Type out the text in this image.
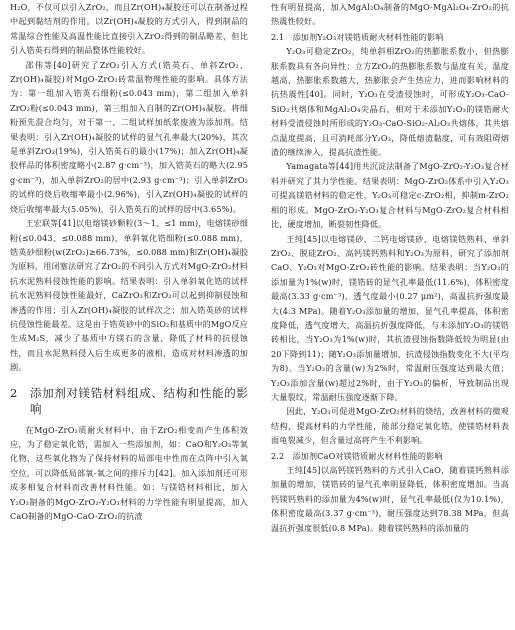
H₂O，不仅可以引入ZrO₂，而且Zr(OH)₄凝胶还可以在制备过程中起到黏结剂的作用。以Zr(OH)₄凝胶的方式引入，得到制品的常温综合性能及高温性能比直接引入ZrO₂得到的制品略差，但比引入锆英石得到的制品整体性能较好。

邵伟等[40]研究了ZrO₂引入方式(锆英石、单斜ZrO₂、Zr(OH)₄凝胶)对MgO-ZrO₂砖常温物理性能的影响。具体方法为：第一组加入锆英石细粉(≤0.043 mm)，第二组加入单斜ZrO₂粉(≤0.043 mm)，第三组加入自制的Zr(OH)₄凝胶。将细粉预先混合均匀，对于第一、二组试样加纸浆废液为添加剂。结果表明：引入Zr(OH)₄凝胶的试样的显气孔率最大(20%)，其次是单斜ZrO₂(19%)，引入锆英石的最小(17%)；加入Zr(OH)₄凝胶样品的体积密度略小(2.87 g·cm⁻³)，加入锆英石的略大(2.95 g·cm⁻³)，加入单斜ZrO₂的居中(2.93 g·cm⁻³)；引入单斜ZrO₂的试样的烧后收缩率最小(2.96%)，引入Zr(OH)₄凝胶的试样的烧后收缩率最大(5.05%)，引入锆英石的试样的居中(3.65%)。

王宏联等[41]以电熔镁砂颗粒(3～1、≤1 mm)，电熔镁砂细粉(≤0.043、≤0.088 mm)，单斜氧化锆细粉(≤0.088 mm)，锆英砂细粉(w(ZrO₂)≥66.73%，≤0.088 mm)和Zr(OH)₄凝胶为原料，用闭塞法研究了ZrO₂的不同引入方式对MgO-ZrO₂材料抗水泥熟料侵蚀性能的影响。结果表明：引入单斜氧化锆的试样抗水泥熟料侵蚀性能最好，CaZrO₃和ZrO₂可以起到抑制侵蚀和渗透的作用；引入Zr(OH)₄凝胶的试样次之；加入锆英砂的试样抗侵蚀性能最差。这是由于锆英砂中的SiO₂和基质中的MgO反应生成M₂S，减少了基质中方镁石的含量，降低了材料的抗侵蚀性，而且水泥熟料侵入后生成更多的液相，造成对材料渗透的加剧。

2	添加剂对镁锆材料组成、结构和性能的影响

在MgO-ZrO₂质耐火材料中，由于ZrO₂相变而产生体积效应，为了稳定氧化锆，需加入一些添加剂，如：CaO和Y₂O₃等氧化物，这些氧化物为了保持材料的局部电中性而在点阵中引入氧空位，可以降低局部氧-氧之间的排斥力[42]。加入添加剂还可形成多相复合材料而改善材料性能。如：与镁锆材料相比，加入Y₂O₃制备的MgO-ZrO₂-Y₂O₃材料的力学性能有明显提高，加入CaO制备的MgO-CaO-ZrO₂的抗渣

性有明显提高，加入MgAl₂O₄制备的MgO-MgAl₂O₄-ZrO₂的抗热震性较好。

2.1　添加剂Y₂O₃对镁锆质耐火材料性能的影响

Y₂O₃可稳定ZrO₂，纯单斜相ZrO₂的热膨胀系数小，但热膨胀系数具有各向异性；立方ZrO₂的热膨胀系数与温度有关，温度越高，热膨胀系数越大，热膨胀会产生热应力，进而影响材料的抗热震性[40]。同时，Y₂O₃在受渣侵蚀时，可形成Y₂O₃-CaO-SiO₂共熔体和MgAl₂O₄尖晶石，相对于未添加Y₂O₃的镁锆耐火材料受渣侵蚀时所形成的Y₂O₃-CaO-SiO₂-Al₂O₃共熔体，其共熔点温度提高，且可消耗部分Y₂O₃，降低熔渣黏度，可有效阻碍熔渣的继续渗入，提高抗渣性能。

Yamagata等[44]用共沉淀法制备了MgO-ZrO₂-Y₂O₃复合材料并研究了其力学性能。结果表明：MgO-ZrO₂体系中引入Y₂O₃可提高镁锆材料的稳定性，Y₂O₃可稳定c-ZrO₂相，抑制m-ZrO₂相的形成。MgO-ZrO₂-Y₂O₃复合材料与MgO-ZrO₂复合材料相比，硬度增加，断裂韧性降低。

王纯[45]以电熔镁砂、二钙电熔镁砂、电熔镁锆熟料、单斜ZrO₂、脱硅ZrO₂、高钙镁钙熟料和Y₂O₃为原料，研究了添加剂CaO、Y₂O₃对MgO-ZrO₂砖性能的影响。结果表明：当Y₂O₃的添加量为1%(w)时，镁锆砖的显气孔率最低(11.6%)，体积密度最高(3.33 g·cm⁻³)，透气度最小(0.27 μm²)，高温抗折强度最大(4.3 MPa)。随着Y₂O₃添加量的增加，显气孔率提高，体积密度降低，透气度增大，高温抗折强度降低，与未添加Y₂O₃的镁锆砖相比，当Y₂O₃为1%(w)时，其抗渣侵蚀指数降低较为明显(由20下降到11)；随Y₂O₃添加量增加，抗渣侵蚀指数变化不大(平均为8)。当Y₂O₃的含量(w)为2%时，常温耐压强度达到最大值；Y₂O₃添加含量(w)超过2%时，由于Y₂O₃的偏析，导致制品出现大量裂纹，常温耐压强度逐渐下降。

因此，Y₂O₃可促进MgO-ZrO₂材料的烧结，改善材料的微观结构，提高材料的力学性能，能部分稳定氧化锆，使镁锆材料表面龟裂减少，但含量过高将产生不利影响。

2.2　添加剂CaO对镁锆质耐火材料性能的影响

王纯[45]以高钙镁钙熟料的方式引入CaO，随着镁钙熟料添加量的增加，镁锆砖的显气孔率明显降低，体积密度增加。当高钙镁钙熟料的添加量为4%(w)时，显气孔率最低(仅为10.1%)，体积密度最高(3.37 g·cm⁻³)，耐压强度达到78.38 MPa，但高温抗折强度很低(0.8 MPa)。随着镁钙熟料的添加量的
